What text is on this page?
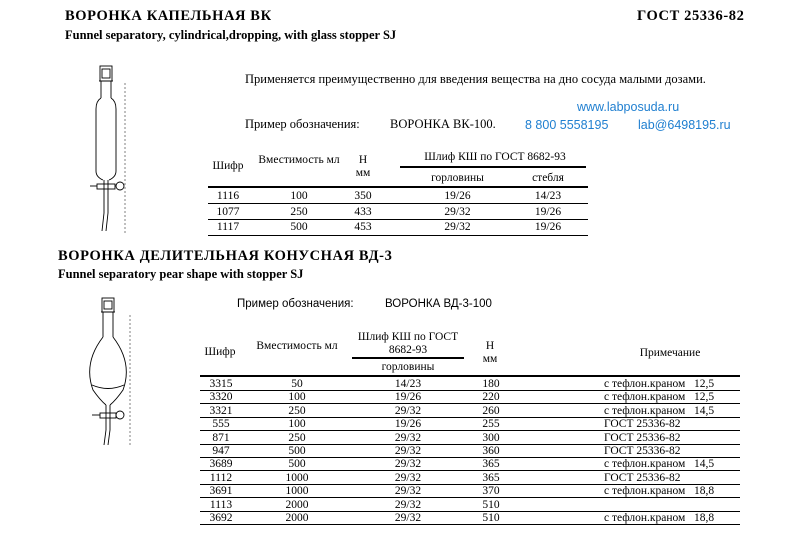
ВОРОНКА КАПЕЛЬНАЯ ВК	ГОСТ 25336-82
Funnel separatory, cylindrical,dropping, with glass stopper SJ
Применяется преимущественно для введения вещества на дно сосуда малыми дозами.
www.labposuda.ru
Пример обозначения: ВОРОНКА ВК-100. 8 800 5558195 lab@6498195.ru
Шифр	Вместимость мл	Н мм
Шлиф КШ по ГОСТ 8682-93
горловины	стебля
1116	100	350	19/26	14/23
1077	250	433	29/32	19/26
1117	500	453	29/32	19/26
ВОРОНКА ДЕЛИТЕЛЬНАЯ КОНУСНАЯ ВД-3
Funnel separatory pear shape with stopper SJ
Пример обозначения:	ВОРОНКА ВД-3-100
Шифр	Вместимость мл
Шлиф КШ по ГОСТ 8682-93
горловины
Н мм	Примечание
3315	50	14/23	180	с тефлон.краном   12,5
3320	100	19/26	220	с тефлон.краном   12,5
3321	250	29/32	260	с тефлон.краном   14,5
555	100	19/26	255	ГОСТ 25336-82
871	250	29/32	300	ГОСТ 25336-82
947	500	29/32	360	ГОСТ 25336-82
3689	500	29/32	365	с тефлон.краном   14,5
1112	1000	29/32	365	ГОСТ 25336-82
3691	1000	29/32	370	с тефлон.краном   18,8
1113	2000	29/32	510
3692	2000	29/32	510	с тефлон.краном   18,8
